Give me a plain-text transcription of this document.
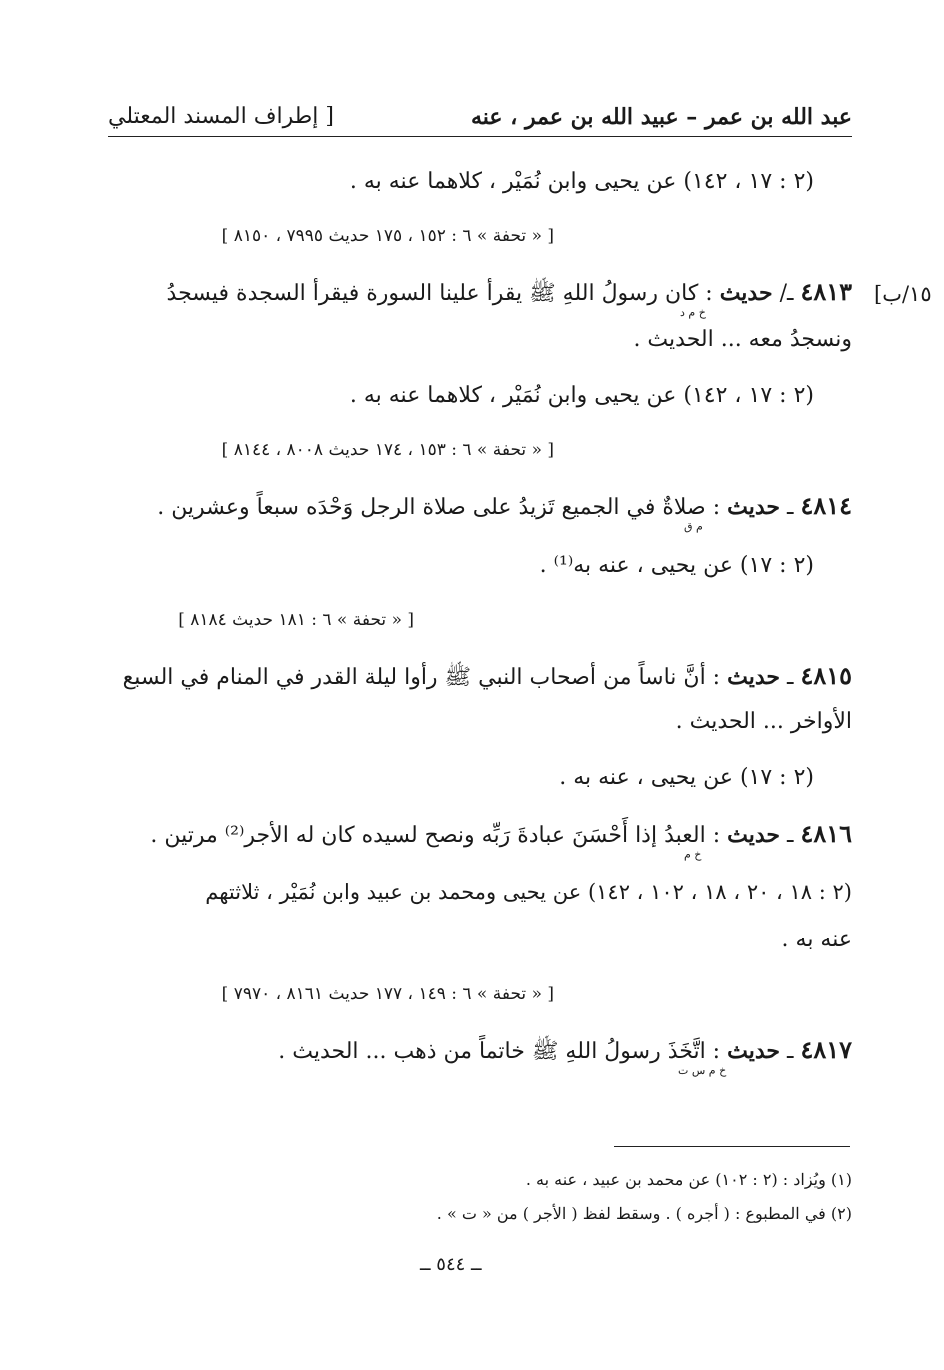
عبد الله بن عمر – عبيد الله بن عمر ، عنه
[ إطراف المسند المعتلي
(٢ : ١٧ ، ١٤٢) عن يحيى وابن نُمَيْر ، كلاهما عنه به .
[ « تحفة » ٦ : ١٥٢ ، ١٧٥ حديث ٧٩٩٥ ، ٨١٥٠ ]
١٥/ب]
٤٨١٣ ـ/ حديث : كان رسولُ اللهِ ﷺ يقرأ علينا السورة فيقرأ السجدة فيسجدُ
خ م د
ونسجدُ معه ... الحديث .
(٢ : ١٧ ، ١٤٢) عن يحيى وابن نُمَيْر ، كلاهما عنه به .
[ « تحفة » ٦ : ١٥٣ ، ١٧٤ حديث ٨٠٠٨ ، ٨١٤٤ ]
٤٨١٤ ـ حديث : صلاةٌ في الجميع تَزيدُ على صلاة الرجل وَحْدَه سبعاً وعشرين .
م ق
(٢ : ١٧) عن يحيى ، عنه به⁽¹⁾ .
[ « تحفة » ٦ : ١٨١ حديث ٨١٨٤ ]
٤٨١٥ ـ حديث : أنَّ ناساً من أصحاب النبي ﷺ رأوا ليلة القدر في المنام في السبع
الأواخر ... الحديث .
(٢ : ١٧) عن يحيى ، عنه به .
٤٨١٦ ـ حديث : العبدُ إذا أَحْسَنَ عبادةَ رَبِّه ونصح لسيده كان له الأجر⁽²⁾ مرتين .
خ م
(٢ : ١٨ ، ٢٠ ، ١٨ ، ١٠٢ ، ١٤٢) عن يحيى ومحمد بن عبيد وابن نُمَيْر ، ثلاثتهم
عنه به .
[ « تحفة » ٦ : ١٤٩ ، ١٧٧ حديث ٨١٦١ ، ٧٩٧٠ ]
٤٨١٧ ـ حديث : اتَّخَذَ رسولُ اللهِ ﷺ خاتماً من ذهب ... الحديث .
خ م س ت
(١) ويُزاد : (٢ : ١٠٢) عن محمد بن عبيد ، عنه به .
(٢) في المطبوع : ( أجره ) . وسقط لفظ ( الأجر ) من « ت » .
ــ ٥٤٤ ــ
